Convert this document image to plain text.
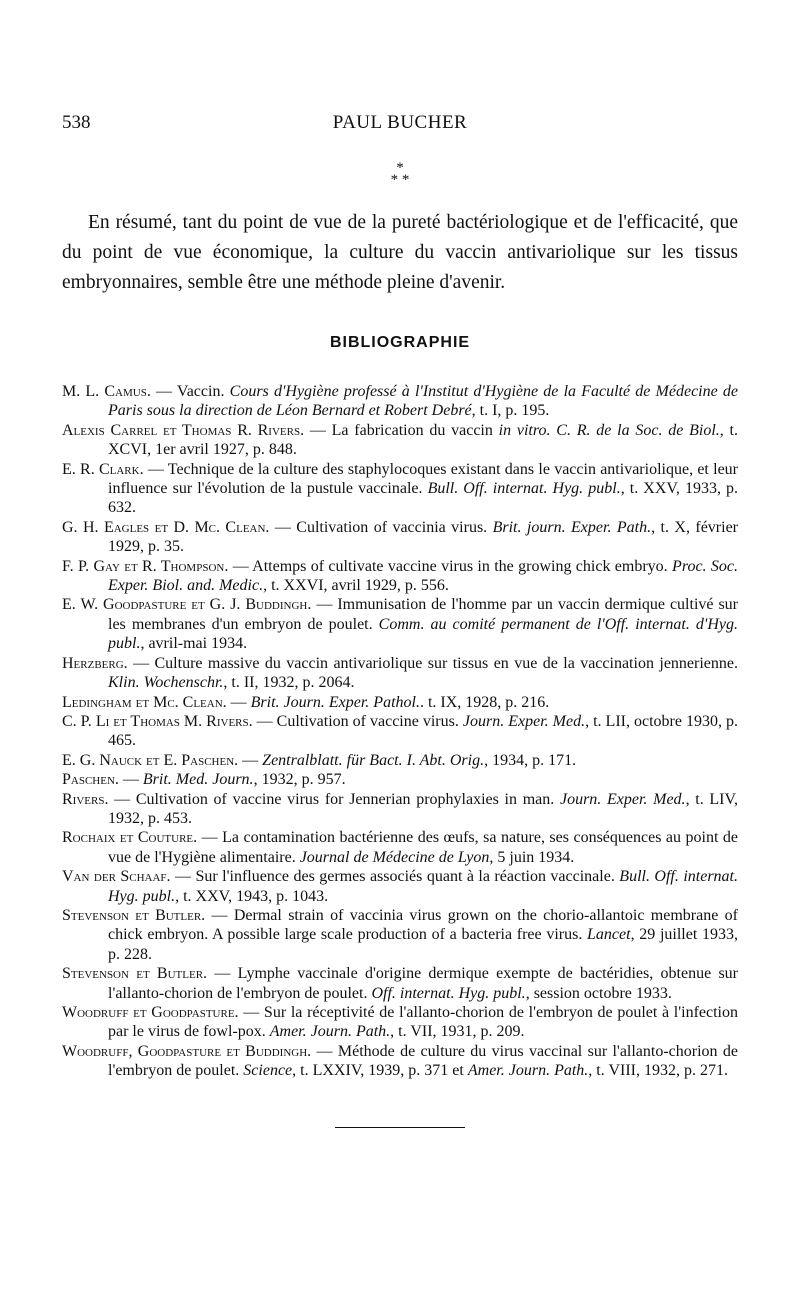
538	PAUL BUCHER
*
* *

En résumé, tant du point de vue de la pureté bactériologique et de l'efficacité, que du point de vue économique, la culture du vaccin antivariolique sur les tissus embryonnaires, semble être une méthode pleine d'avenir.

BIBLIOGRAPHIE
M. L. Camus. — Vaccin. Cours d'Hygiène professé à l'Institut d'Hygiène de la Faculté de Médecine de Paris sous la direction de Léon Bernard et Robert Debré, t. I, p. 195.
Alexis Carrel et Thomas R. Rivers. — La fabrication du vaccin in vitro. C. R. de la Soc. de Biol., t. XCVI, 1er avril 1927, p. 848.
E. R. Clark. — Technique de la culture des staphylocoques existant dans le vaccin antivariolique, et leur influence sur l'évolution de la pustule vaccinale. Bull. Off. internat. Hyg. publ., t. XXV, 1933, p. 632.
G. H. Eagles et D. Mc. Clean. — Cultivation of vaccinia virus. Brit. journ. Exper. Path., t. X, février 1929, p. 35.
F. P. Gay et R. Thompson. — Attemps of cultivate vaccine virus in the growing chick embryo. Proc. Soc. Exper. Biol. and. Medic., t. XXVI, avril 1929, p. 556.
E. W. Goodpasture et G. J. Buddingh. — Immunisation de l'homme par un vaccin dermique cultivé sur les membranes d'un embryon de poulet. Comm. au comité permanent de l'Off. internat. d'Hyg. publ., avril-mai 1934.
Herzberg. — Culture massive du vaccin antivariolique sur tissus en vue de la vaccination jennerienne. Klin. Wochenschr., t. II, 1932, p. 2064.
Ledingham et Mc. Clean. — Brit. Journ. Exper. Pathol.. t. IX, 1928, p. 216.
C. P. Li et Thomas M. Rivers. — Cultivation of vaccine virus. Journ. Exper. Med., t. LII, octobre 1930, p. 465.
E. G. Nauck et E. Paschen. — Zentralblatt. für Bact. I. Abt. Orig., 1934, p. 171.
Paschen. — Brit. Med. Journ., 1932, p. 957.
Rivers. — Cultivation of vaccine virus for Jennerian prophylaxies in man. Journ. Exper. Med., t. LIV, 1932, p. 453.
Rochaix et Couture. — La contamination bactérienne des œufs, sa nature, ses conséquences au point de vue de l'Hygiène alimentaire. Journal de Médecine de Lyon, 5 juin 1934.
Van der Schaaf. — Sur l'influence des germes associés quant à la réaction vaccinale. Bull. Off. internat. Hyg. publ., t. XXV, 1943, p. 1043.
Stevenson et Butler. — Dermal strain of vaccinia virus grown on the chorio-allantoic membrane of chick embryon. A possible large scale production of a bacteria free virus. Lancet, 29 juillet 1933, p. 228.
Stevenson et Butler. — Lymphe vaccinale d'origine dermique exempte de bactéridies, obtenue sur l'allanto-chorion de l'embryon de poulet. Off. internat. Hyg. publ., session octobre 1933.
Woodruff et Goodpasture. — Sur la réceptivité de l'allanto-chorion de l'embryon de poulet à l'infection par le virus de fowl-pox. Amer. Journ. Path., t. VII, 1931, p. 209.
Woodruff, Goodpasture et Buddingh. — Méthode de culture du virus vaccinal sur l'allanto-chorion de l'embryon de poulet. Science, t. LXXIV, 1939, p. 371 et Amer. Journ. Path., t. VIII, 1932, p. 271.
